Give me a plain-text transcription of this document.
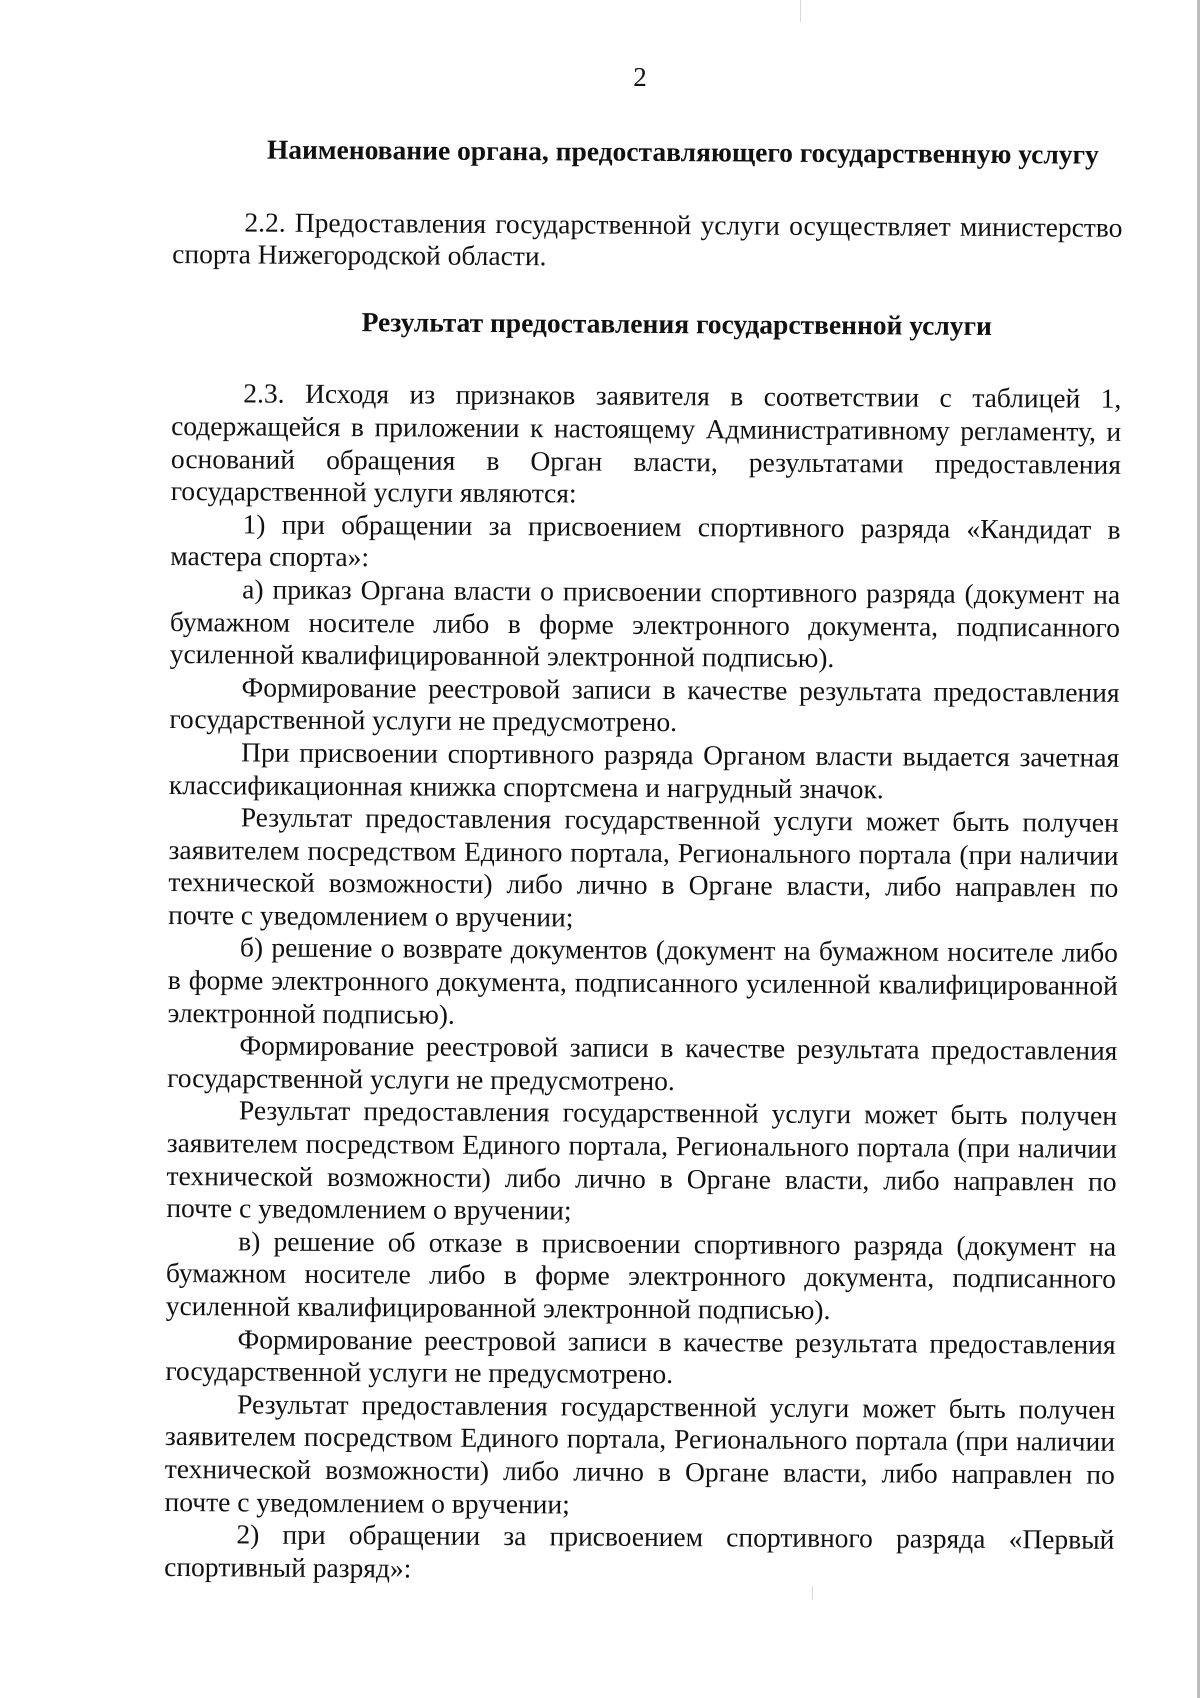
2

Наименование органа, предоставляющего государственную услугу

2.2. Предоставления государственной услуги осуществляет министерство спорта Нижегородской области.

Результат предоставления государственной услуги

2.3. Исходя из признаков заявителя в соответствии с таблицей 1, содержащейся в приложении к настоящему Административному регламенту, и оснований обращения в Орган власти, результатами предоставления государственной услуги являются:

1) при обращении за присвоением спортивного разряда «Кандидат в мастера спорта»:

а) приказ Органа власти о присвоении спортивного разряда (документ на бумажном носителе либо в форме электронного документа, подписанного усиленной квалифицированной электронной подписью).

Формирование реестровой записи в качестве результата предоставления государственной услуги не предусмотрено.

При присвоении спортивного разряда Органом власти выдается зачетная классификационная книжка спортсмена и нагрудный значок.

Результат предоставления государственной услуги может быть получен заявителем посредством Единого портала, Регионального портала (при наличии технической возможности) либо лично в Органе власти, либо направлен по почте с уведомлением о вручении;

б) решение о возврате документов (документ на бумажном носителе либо в форме электронного документа, подписанного усиленной квалифицированной электронной подписью).

Формирование реестровой записи в качестве результата предоставления государственной услуги не предусмотрено.

Результат предоставления государственной услуги может быть получен заявителем посредством Единого портала, Регионального портала (при наличии технической возможности) либо лично в Органе власти, либо направлен по почте с уведомлением о вручении;

в) решение об отказе в присвоении спортивного разряда (документ на бумажном носителе либо в форме электронного документа, подписанного усиленной квалифицированной электронной подписью).

Формирование реестровой записи в качестве результата предоставления государственной услуги не предусмотрено.

Результат предоставления государственной услуги может быть получен заявителем посредством Единого портала, Регионального портала (при наличии технической возможности) либо лично в Органе власти, либо направлен по почте с уведомлением о вручении;

2) при обращении за присвоением спортивного разряда «Первый спортивный разряд»:
